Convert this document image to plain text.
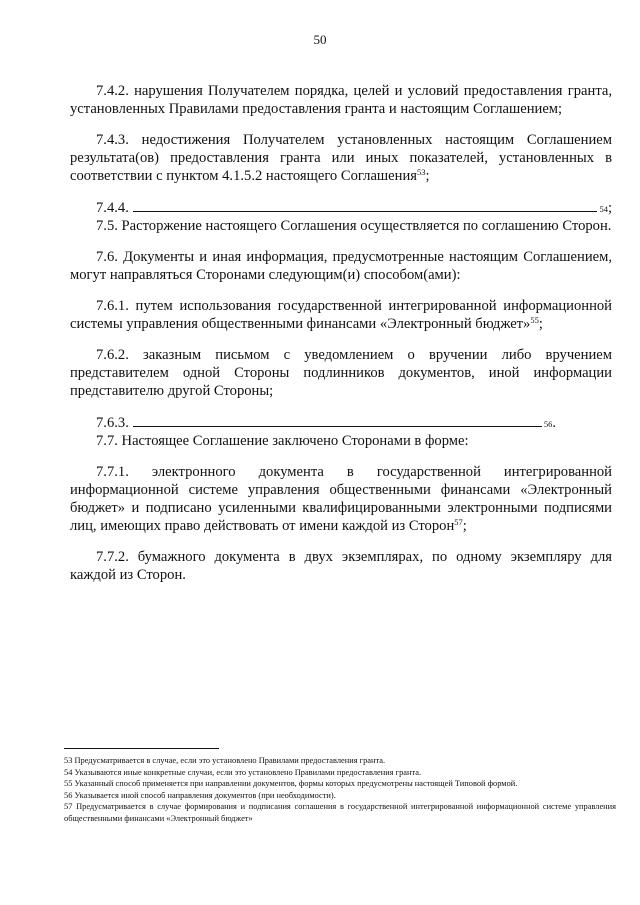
50

7.4.2. нарушения Получателем порядка, целей и условий предоставления гранта, установленных Правилами предоставления гранта и настоящим Соглашением;

7.4.3. недостижения Получателем установленных настоящим Соглашением результата(ов) предоставления гранта или иных показателей, установленных в соответствии с пунктом 4.1.5.2 настоящего Соглашения$^{53}$;

7.4.4.	54 ;

7.5. Расторжение настоящего Соглашения осуществляется по соглашению Сторон.

7.6. Документы и иная информация, предусмотренные настоящим Соглашением, могут направляться Сторонами следующим(и) способом(ами):

7.6.1. путем использования государственной интегрированной информационной системы управления общественными финансами «Электронный бюджет»$^{55}$;

7.6.2. заказным письмом с уведомлением о вручении либо вручением представителем одной Стороны подлинников документов, иной информации представителю другой Стороны;

7.6.3.	56 .

7.7. Настоящее Соглашение заключено Сторонами в форме:

7.7.1. электронного документа в государственной интегрированной информационной системе управления общественными финансами «Электронный бюджет» и подписано усиленными квалифицированными электронными подписями лиц, имеющих право действовать от имени каждой из Сторон$^{57}$;

7.7.2. бумажного документа в двух экземплярах, по одному экземпляру для каждой из Сторон.

53 Предусматривается в случае, если это установлено Правилами предоставления гранта.

54 Указываются иные конкретные случаи, если это установлено Правилами предоставления гранта.

55 Указанный способ применяется при направлении документов, формы которых предусмотрены настоящей Типовой формой.

56 Указывается иной способ направления документов (при необходимости).

57 Предусматривается в случае формирования и подписания соглашения в государственной интегрированной информационной системе управления общественными финансами «Электронный бюджет»
